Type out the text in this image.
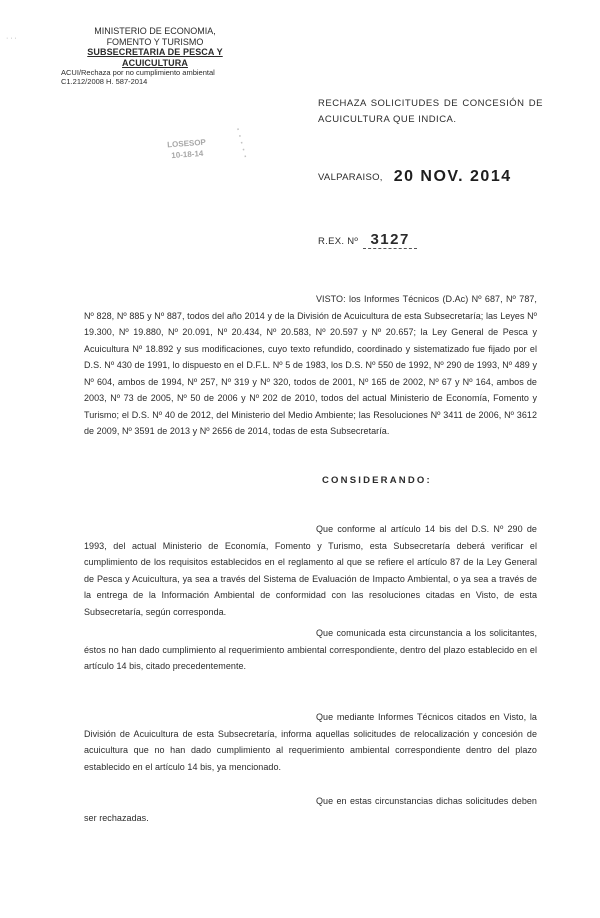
· · ·
MINISTERIO DE ECONOMIA,
FOMENTO Y TURISMO
SUBSECRETARIA DE PESCA Y ACUICULTURA
ACUI/Rechaza por no cumplimiento ambiental
C1.212/2008 H. 587-2014
LOSESOP
10-18-14	▪▪▪▪▪
RECHAZA SOLICITUDES DE CONCESIÓN DE ACUICULTURA QUE INDICA.
VALPARAISO, 20 NOV. 2014
R.EX. Nº 3127
VISTO: los Informes Técnicos (D.Ac) Nº 687, Nº 787, Nº 828, Nº 885 y Nº 887, todos del año 2014 y de la División de Acuicultura de esta Subsecretaría; las Leyes Nº 19.300, Nº 19.880, Nº 20.091, Nº 20.434, Nº 20.583, Nº 20.597 y Nº 20.657; la Ley General de Pesca y Acuicultura Nº 18.892 y sus modificaciones, cuyo texto refundido, coordinado y sistematizado fue fijado por el D.S. Nº 430 de 1991, lo dispuesto en el D.F.L. Nº 5 de 1983, los D.S. Nº 550 de 1992, Nº 290 de 1993, Nº 489 y Nº 604, ambos de 1994, Nº 257, Nº 319 y Nº 320, todos de 2001, Nº 165 de 2002, Nº 67 y Nº 164, ambos de 2003, Nº 73 de 2005, Nº 50 de 2006 y Nº 202 de 2010, todos del actual Ministerio de Economía, Fomento y Turismo; el D.S. Nº 40 de 2012, del Ministerio del Medio Ambiente; las Resoluciones Nº 3411 de 2006, Nº 3612 de 2009, Nº 3591 de 2013 y Nº 2656 de 2014, todas de esta Subsecretaría.
CONSIDERANDO:
Que conforme al artículo 14 bis del D.S. Nº 290 de 1993, del actual Ministerio de Economía, Fomento y Turismo, esta Subsecretaría deberá verificar el cumplimiento de los requisitos establecidos en el reglamento al que se refiere el artículo 87 de la Ley General de Pesca y Acuicultura, ya sea a través del Sistema de Evaluación de Impacto Ambiental, o ya sea a través de la entrega de la Información Ambiental de conformidad con las resoluciones citadas en Visto, de esta Subsecretaría, según corresponda.
Que comunicada esta circunstancia a los solicitantes, éstos no han dado cumplimiento al requerimiento ambiental correspondiente, dentro del plazo establecido en el artículo 14 bis, citado precedentemente.
Que mediante Informes Técnicos citados en Visto, la División de Acuicultura de esta Subsecretaría, informa aquellas solicitudes de relocalización y concesión de acuicultura que no han dado cumplimiento al requerimiento ambiental correspondiente dentro del plazo establecido en el artículo 14 bis, ya mencionado.
Que en estas circunstancias dichas solicitudes deben ser rechazadas.
